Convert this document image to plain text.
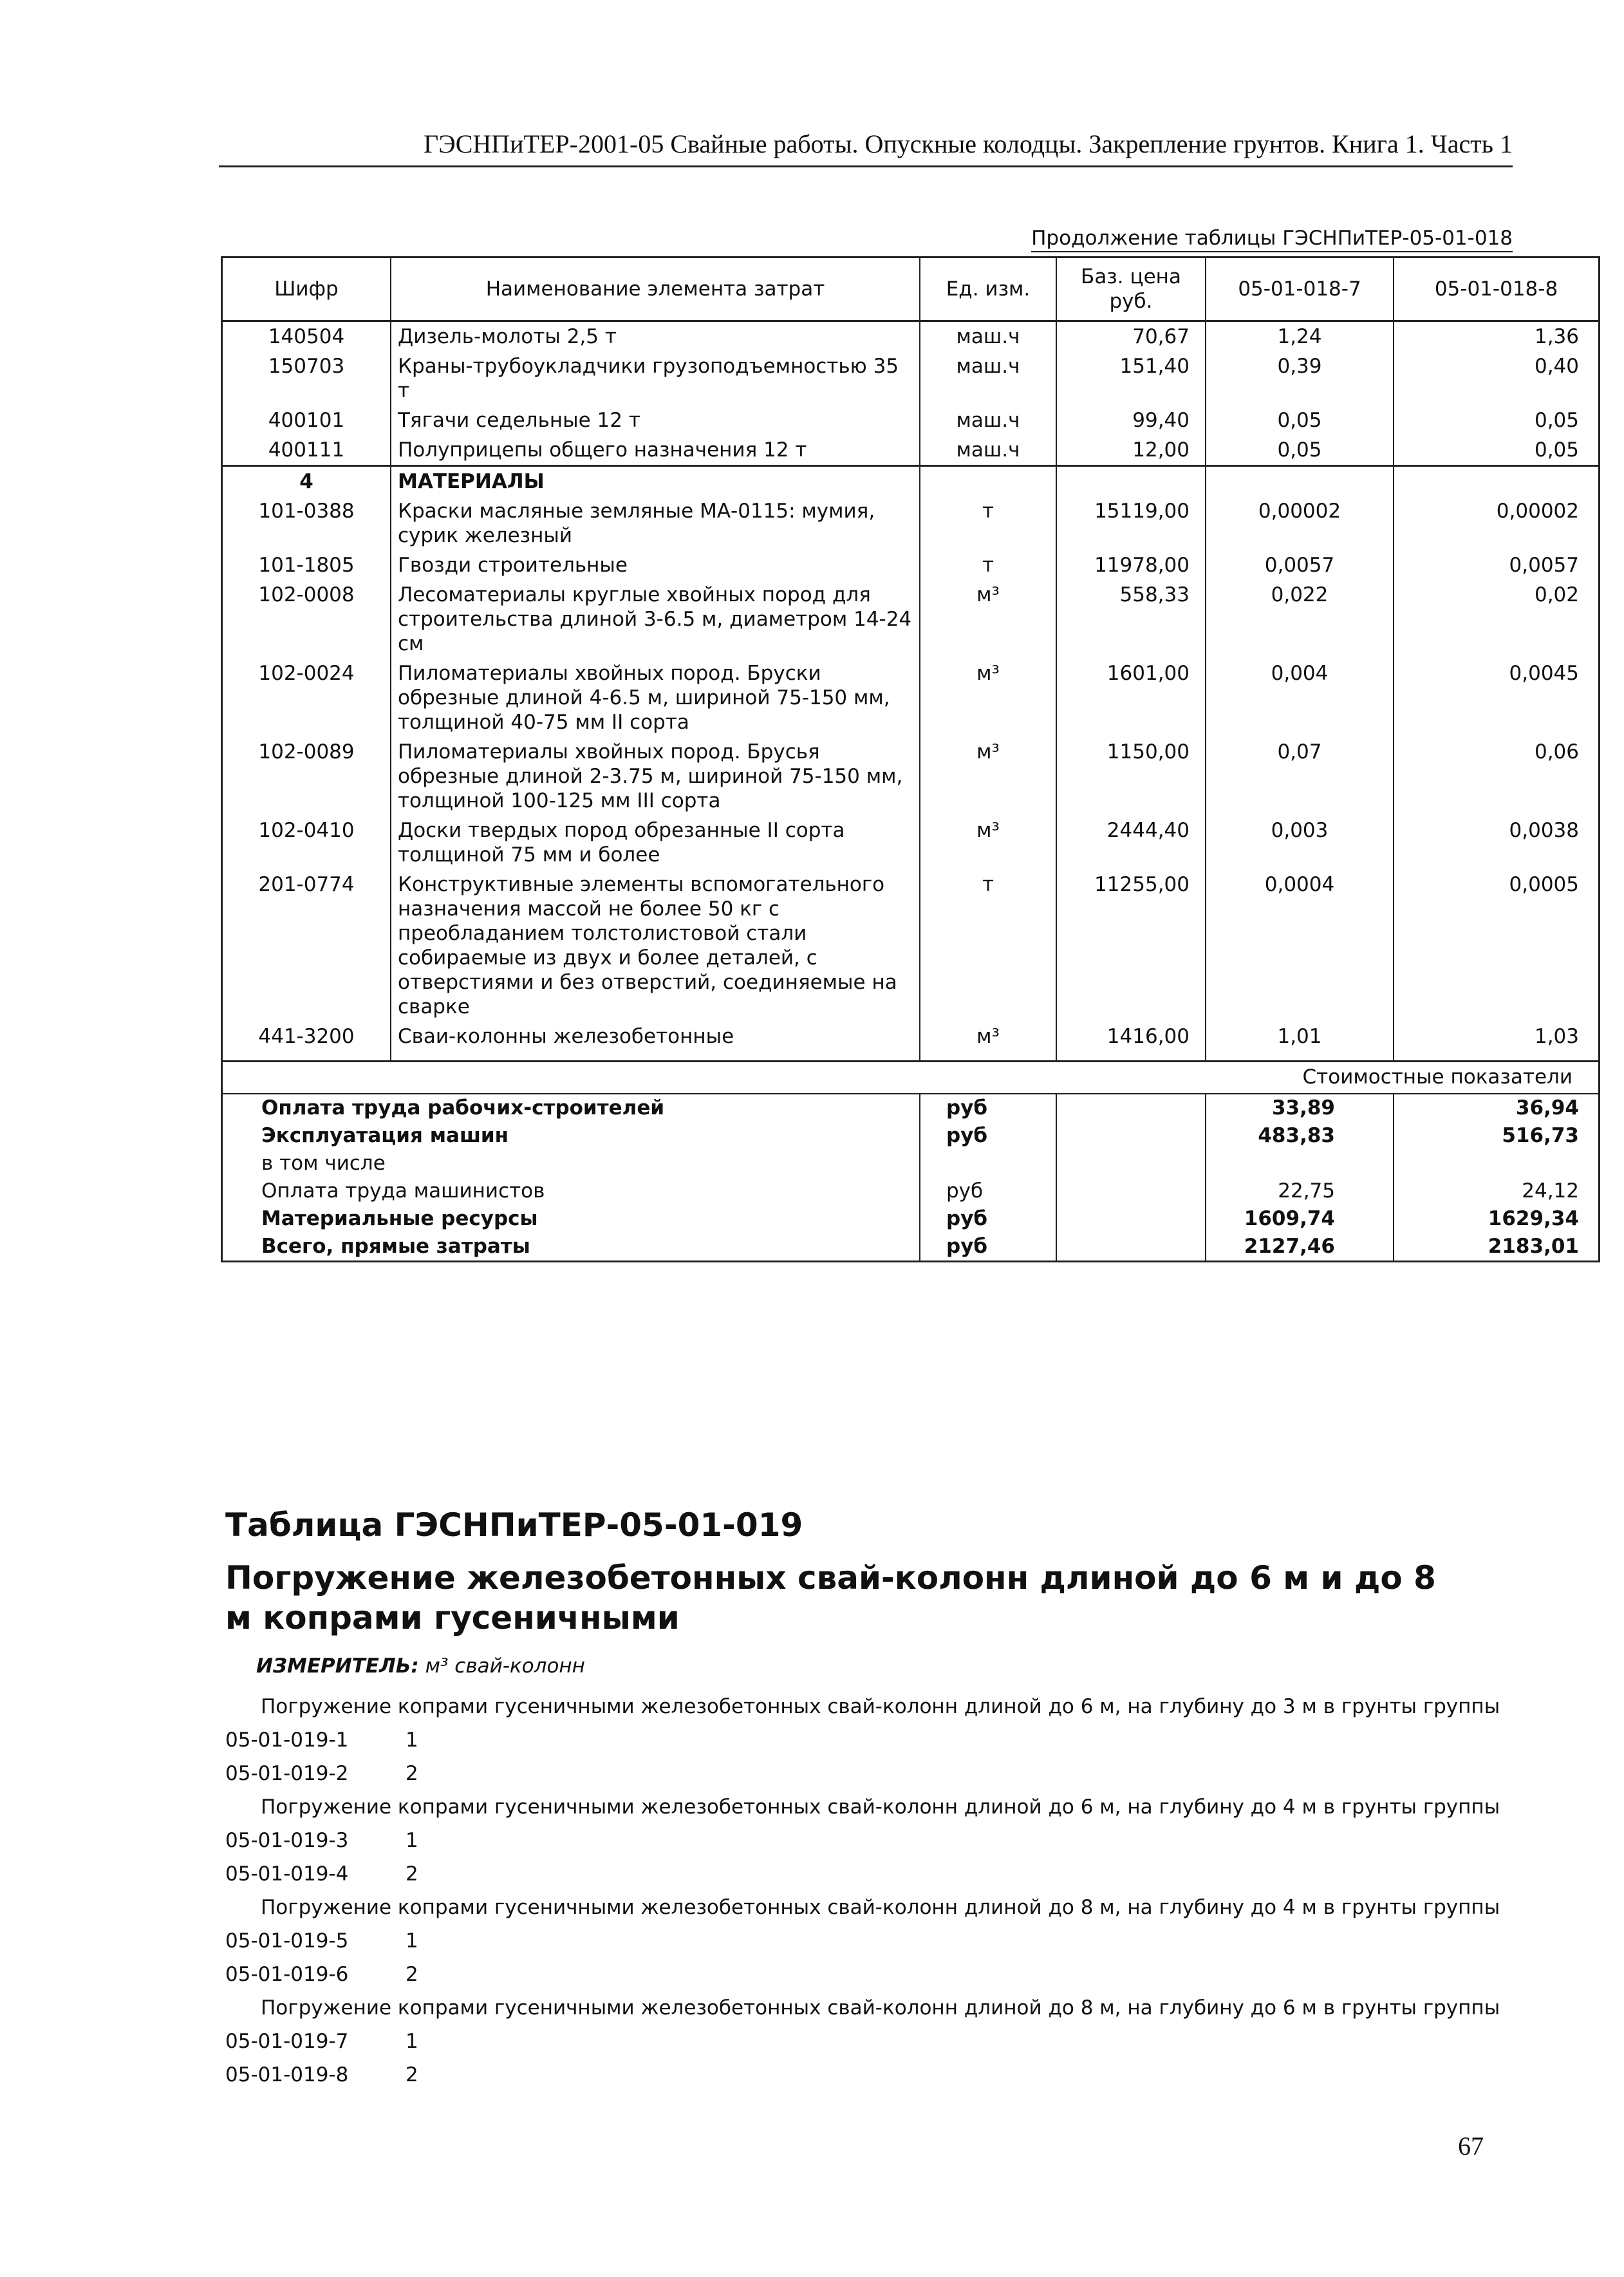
ГЭСНПиТЕР-2001-05 Свайные работы. Опускные колодцы. Закрепление грунтов. Книга 1. Часть 1
Продолжение таблицы ГЭСНПиТЕР-05-01-018
Шифр	Наименование элемента затрат	Ед. изм.	Баз. цена руб.	05-01-018-7	05-01-018-8
140504	Дизель-молоты 2,5 т	маш.ч	70,67	1,24	1,36
150703	Краны-трубоукладчики грузоподъемностью 35 т	маш.ч	151,40	0,39	0,40
400101	Тягачи седельные 12 т	маш.ч	99,40	0,05	0,05
400111	Полуприцепы общего назначения 12 т	маш.ч	12,00	0,05	0,05
4	МАТЕРИАЛЫ				
101-0388	Краски масляные земляные МА-0115: мумия, сурик железный	т	15119,00	0,00002	0,00002
101-1805	Гвозди строительные	т	11978,00	0,0057	0,0057
102-0008	Лесоматериалы круглые хвойных пород для строительства длиной 3-6.5 м, диаметром 14-24 см	м³	558,33	0,022	0,02
102-0024	Пиломатериалы хвойных пород. Бруски обрезные длиной 4-6.5 м, шириной 75-150 мм, толщиной 40-75 мм II сорта	м³	1601,00	0,004	0,0045
102-0089	Пиломатериалы хвойных пород. Брусья обрезные длиной 2-3.75 м, шириной 75-150 мм, толщиной 100-125 мм III сорта	м³	1150,00	0,07	0,06
102-0410	Доски твердых пород обрезанные II сорта толщиной 75 мм и более	м³	2444,40	0,003	0,0038
201-0774	Конструктивные элементы вспомогательного назначения массой не более 50 кг с преобладанием толстолистовой стали собираемые из двух и более деталей, с отверстиями и без отверстий, соединяемые на сварке	т	11255,00	0,0004	0,0005
441-3200	Сваи-колонны железобетонные	м³	1416,00	1,01	1,03
				Стоимостные показатели	
Оплата труда рабочих-строителей		руб		33,89	36,94
Эксплуатация машин		руб		483,83	516,73
в том числе					
Оплата труда машинистов		руб		22,75	24,12
Материальные ресурсы		руб		1609,74	1629,34
Всего, прямые затраты		руб		2127,46	2183,01
Таблица ГЭСНПиТЕР-05-01-019
Погружение железобетонных свай-колонн длиной до 6 м и до 8 м копрами гусеничными
ИЗМЕРИТЕЛЬ: м³ свай-колонн
Погружение копрами гусеничными железобетонных свай-колонн длиной до 6 м, на глубину до 3 м в грунты группы
05-01-019-1	1
05-01-019-2	2
Погружение копрами гусеничными железобетонных свай-колонн длиной до 6 м, на глубину до 4 м в грунты группы
05-01-019-3	1
05-01-019-4	2
Погружение копрами гусеничными железобетонных свай-колонн длиной до 8 м, на глубину до 4 м в грунты группы
05-01-019-5	1
05-01-019-6	2
Погружение копрами гусеничными железобетонных свай-колонн длиной до 8 м, на глубину до 6 м в грунты группы
05-01-019-7	1
05-01-019-8	2
67
